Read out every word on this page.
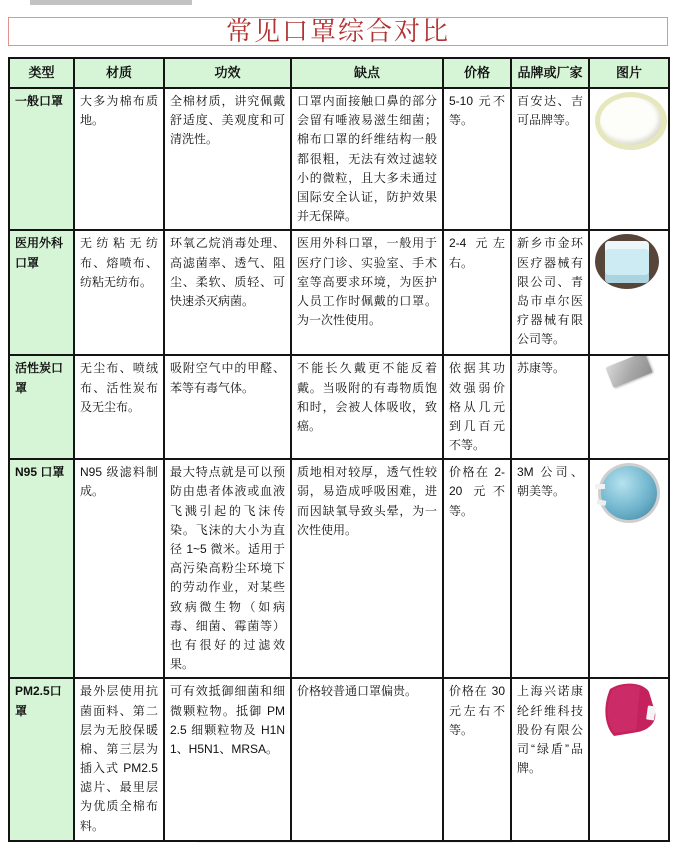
常见口罩综合对比
类型	材质	功效	缺点	价格	品牌或厂家	图片
一般口罩	大多为棉布质地。	全棉材质，讲究佩戴舒适度、美观度和可清洗性。	口罩内面接触口鼻的部分会留有唾液易滋生细菌；棉布口罩的纤维结构一般都很粗，无法有效过滤较小的微粒，且大多未通过国际安全认证，防护效果并无保障。	5-10 元不等。	百安达、吉可品牌等。	
医用外科口罩	无纺粘无纺布、熔喷布、纺粘无纺布。	环氧乙烷消毒处理、高滤菌率、透气、阻尘、柔软、质轻、可快速杀灭病菌。	医用外科口罩，一般用于医疗门诊、实验室、手术室等高要求环境，为医护人员工作时佩戴的口罩。为一次性使用。	2-4 元左右。	新乡市金环医疗器械有限公司、青岛市卓尔医疗器械有限公司等。	

活性炭口罩	无尘布、喷绒布、活性炭布及无尘布。	吸附空气中的甲醛、苯等有毒气体。	不能长久戴更不能反着戴。当吸附的有毒物质饱和时，会被人体吸收，致癌。	依据其功效强弱价格从几元到几百元不等。	苏康等。	
N95 口罩	N95 级滤料制成。	最大特点就是可以预防由患者体液或血液飞溅引起的飞沫传染。飞沫的大小为直径 1~5 微米。适用于高污染高粉尘环境下的劳动作业，对某些致病微生物（如病毒、细菌、霉菌等）也有很好的过滤效果。	质地相对较厚，透气性较弱，易造成呼吸困难，进而因缺氧导致头晕，为一次性使用。	价格在 2-20 元不等。	3M 公司、朝美等。	
PM2.5口罩	最外层使用抗菌面料、第二层为无胶保暖棉、第三层为插入式 PM2.5 滤片、最里层为优质全棉布料。	可有效抵御细菌和细微颗粒物。抵御 PM2.5 细颗粒物及 H1N1、H5N1、MRSA。	价格较普通口罩偏贵。	价格在 30 元左右不等。	上海兴诺康纶纤维科技股份有限公司“绿盾”品牌。	
